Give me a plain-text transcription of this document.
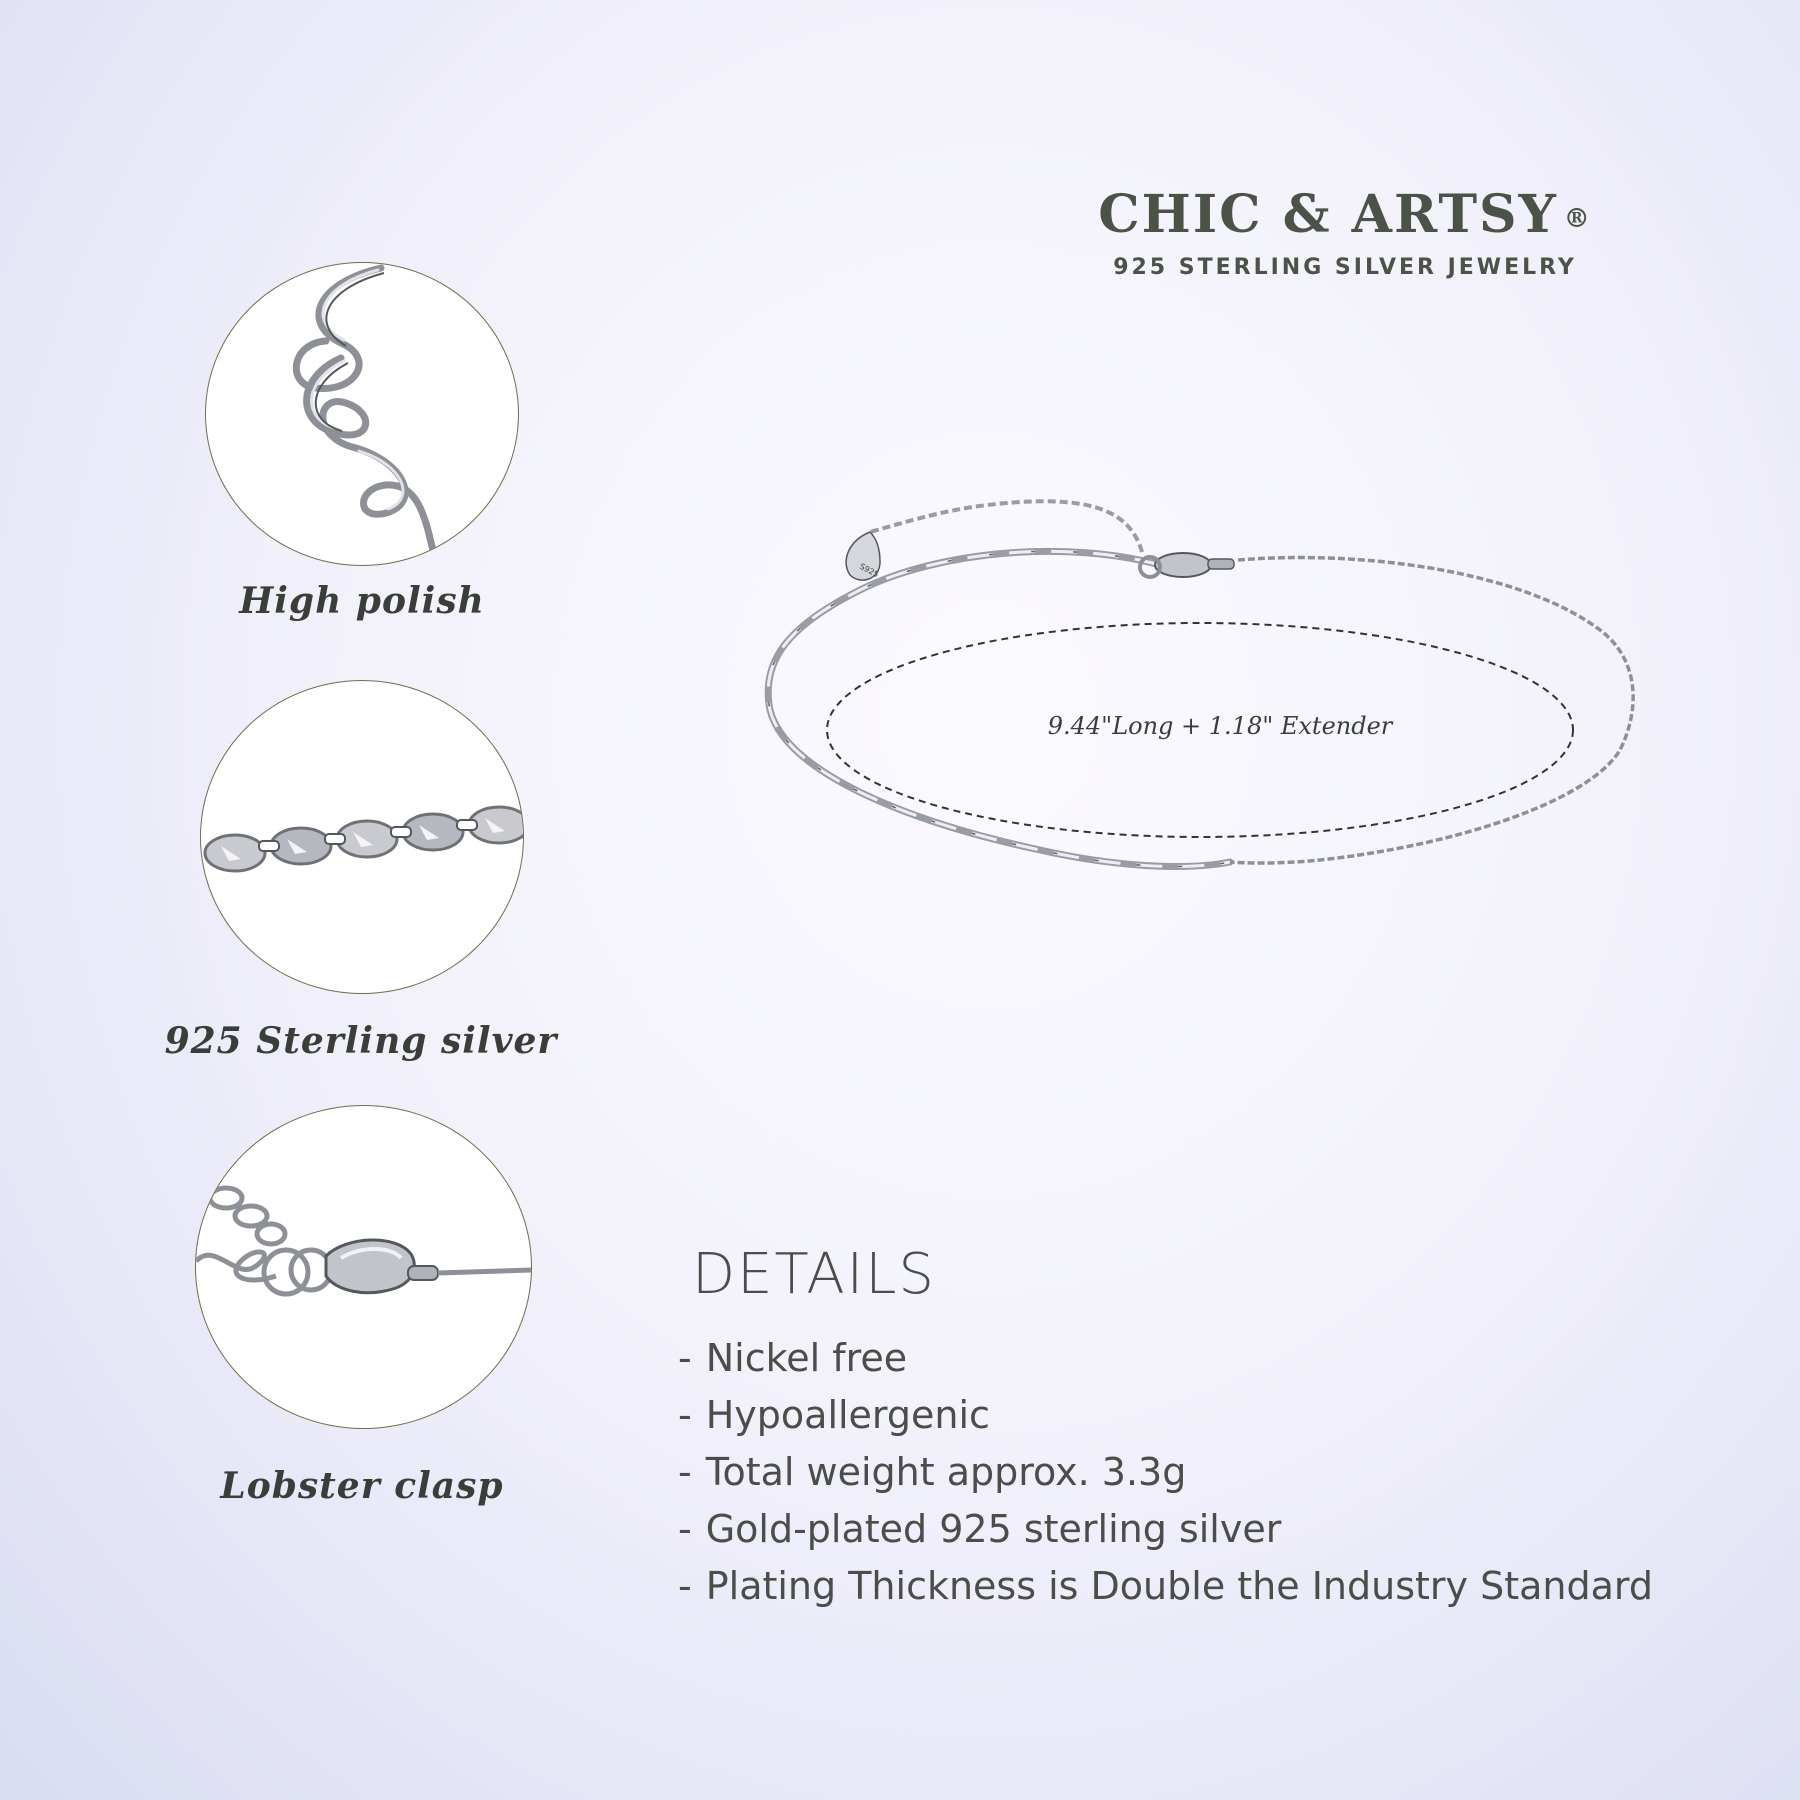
CHIC & ARTSY ®
925 STERLING SILVER JEWELRY
High polish
925 Sterling silver
Lobster clasp
S925
9.44"Long + 1.18" Extender
DETAILS
- Nickel free
- Hypoallergenic
- Total weight approx. 3.3g
- Gold-plated 925 sterling silver
- Plating Thickness is Double the Industry Standard
